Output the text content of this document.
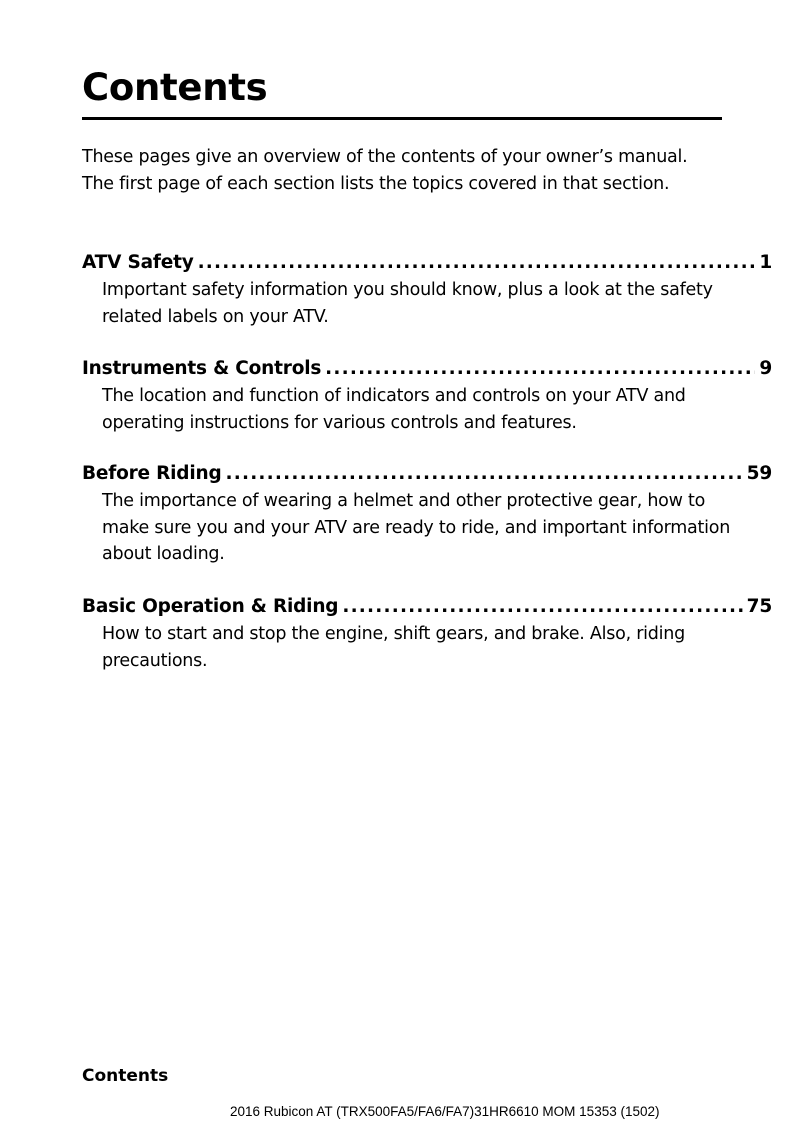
Contents

These pages give an overview of the contents of your owner’s manual.

The first page of each section lists the topics covered in that section.

ATV Safety .....	1
Important safety information you should know, plus a look at the safety related labels on your ATV.
Instruments & Controls .....	9
The location and function of indicators and controls on your ATV and operating instructions for various controls and features.
Before Riding .....	59
The importance of wearing a helmet and other protective gear, how to make sure you and your ATV are ready to ride, and important information about loading.
Basic Operation & Riding .....	75
How to start and stop the engine, shift gears, and brake. Also, riding precautions.
Contents
2016 Rubicon AT (TRX500FA5/FA6/FA7)31HR6610 MOM 15353 (1502)
